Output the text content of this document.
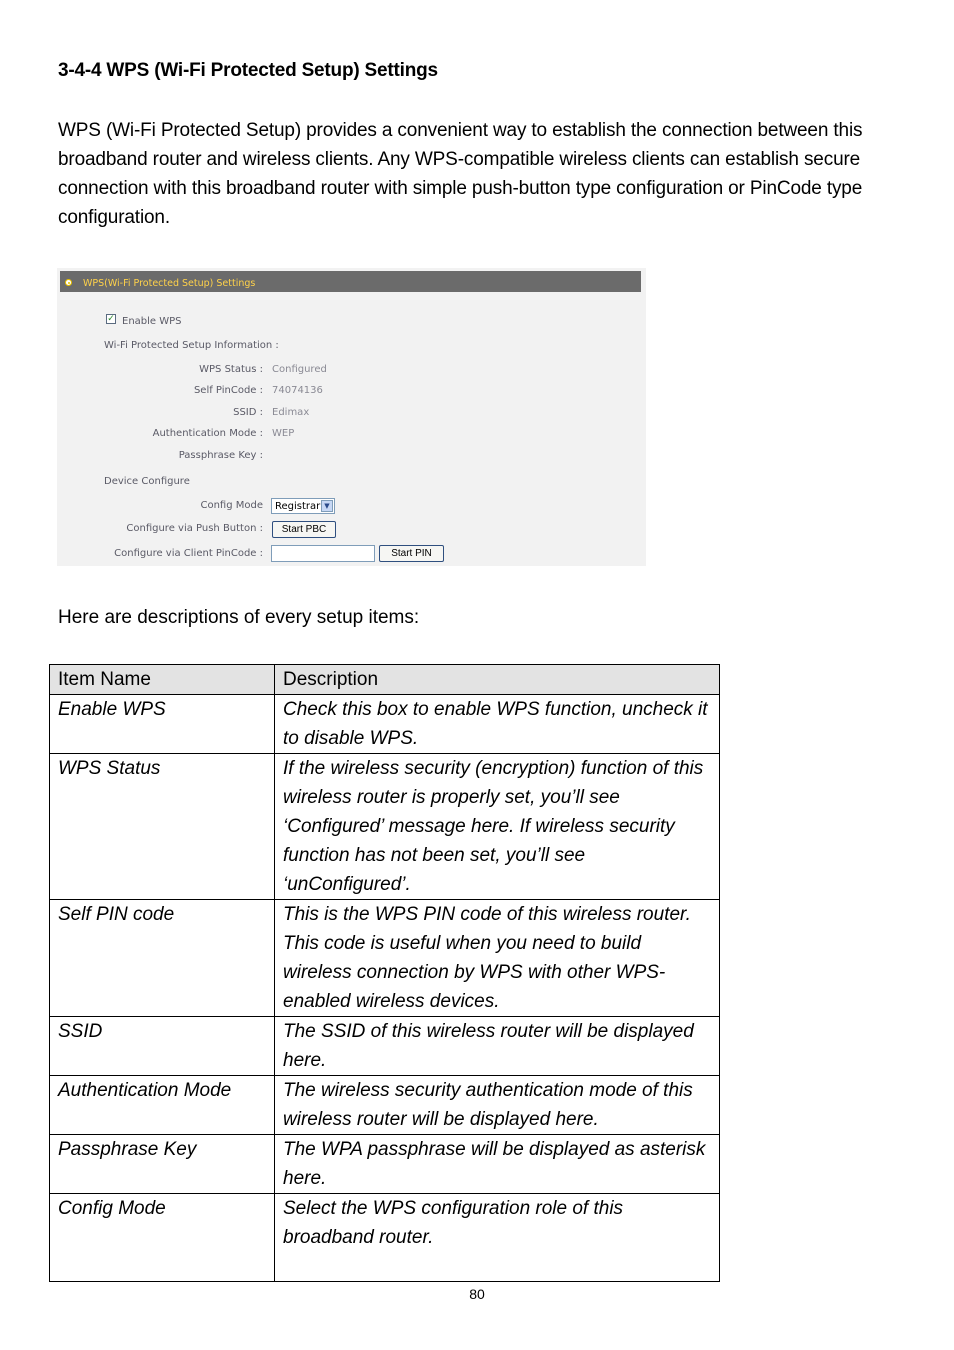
3-4-4 WPS (Wi-Fi Protected Setup) Settings

WPS (Wi-Fi Protected Setup) provides a convenient way to establish the connection between this broadband router and wireless clients. Any WPS-compatible wireless clients can establish secure connection with this broadband router with simple push-button type configuration or PinCode type configuration.

WPS(Wi-Fi Protected Setup) Settings
✓ Enable WPS
Wi-Fi Protected Setup Information :
WPS Status : Configured
Self PinCode : 74074136
SSID : Edimax
Authentication Mode : WEP
Passphrase Key :
Device Configure
Config Mode Registrar ▼
Configure via Push Button :	Start PBC
Configure via Client PinCode :	Start PIN

Here are descriptions of every setup items:

Item Name	Description
Enable WPS	Check this box to enable WPS function, uncheck it to disable WPS.
WPS Status	If the wireless security (encryption) function of this wireless router is properly set, you’ll see ‘Configured’ message here. If wireless security function has not been set, you’ll see ‘unConfigured’.
Self PIN code	This is the WPS PIN code of this wireless router. This code is useful when you need to build wireless connection by WPS with other WPS-enabled wireless devices.
SSID	The SSID of this wireless router will be displayed here.
Authentication Mode	The wireless security authentication mode of this wireless router will be displayed here.
Passphrase Key	The WPA passphrase will be displayed as asterisk here.
Config Mode	Select the WPS configuration role of this broadband router.
80
